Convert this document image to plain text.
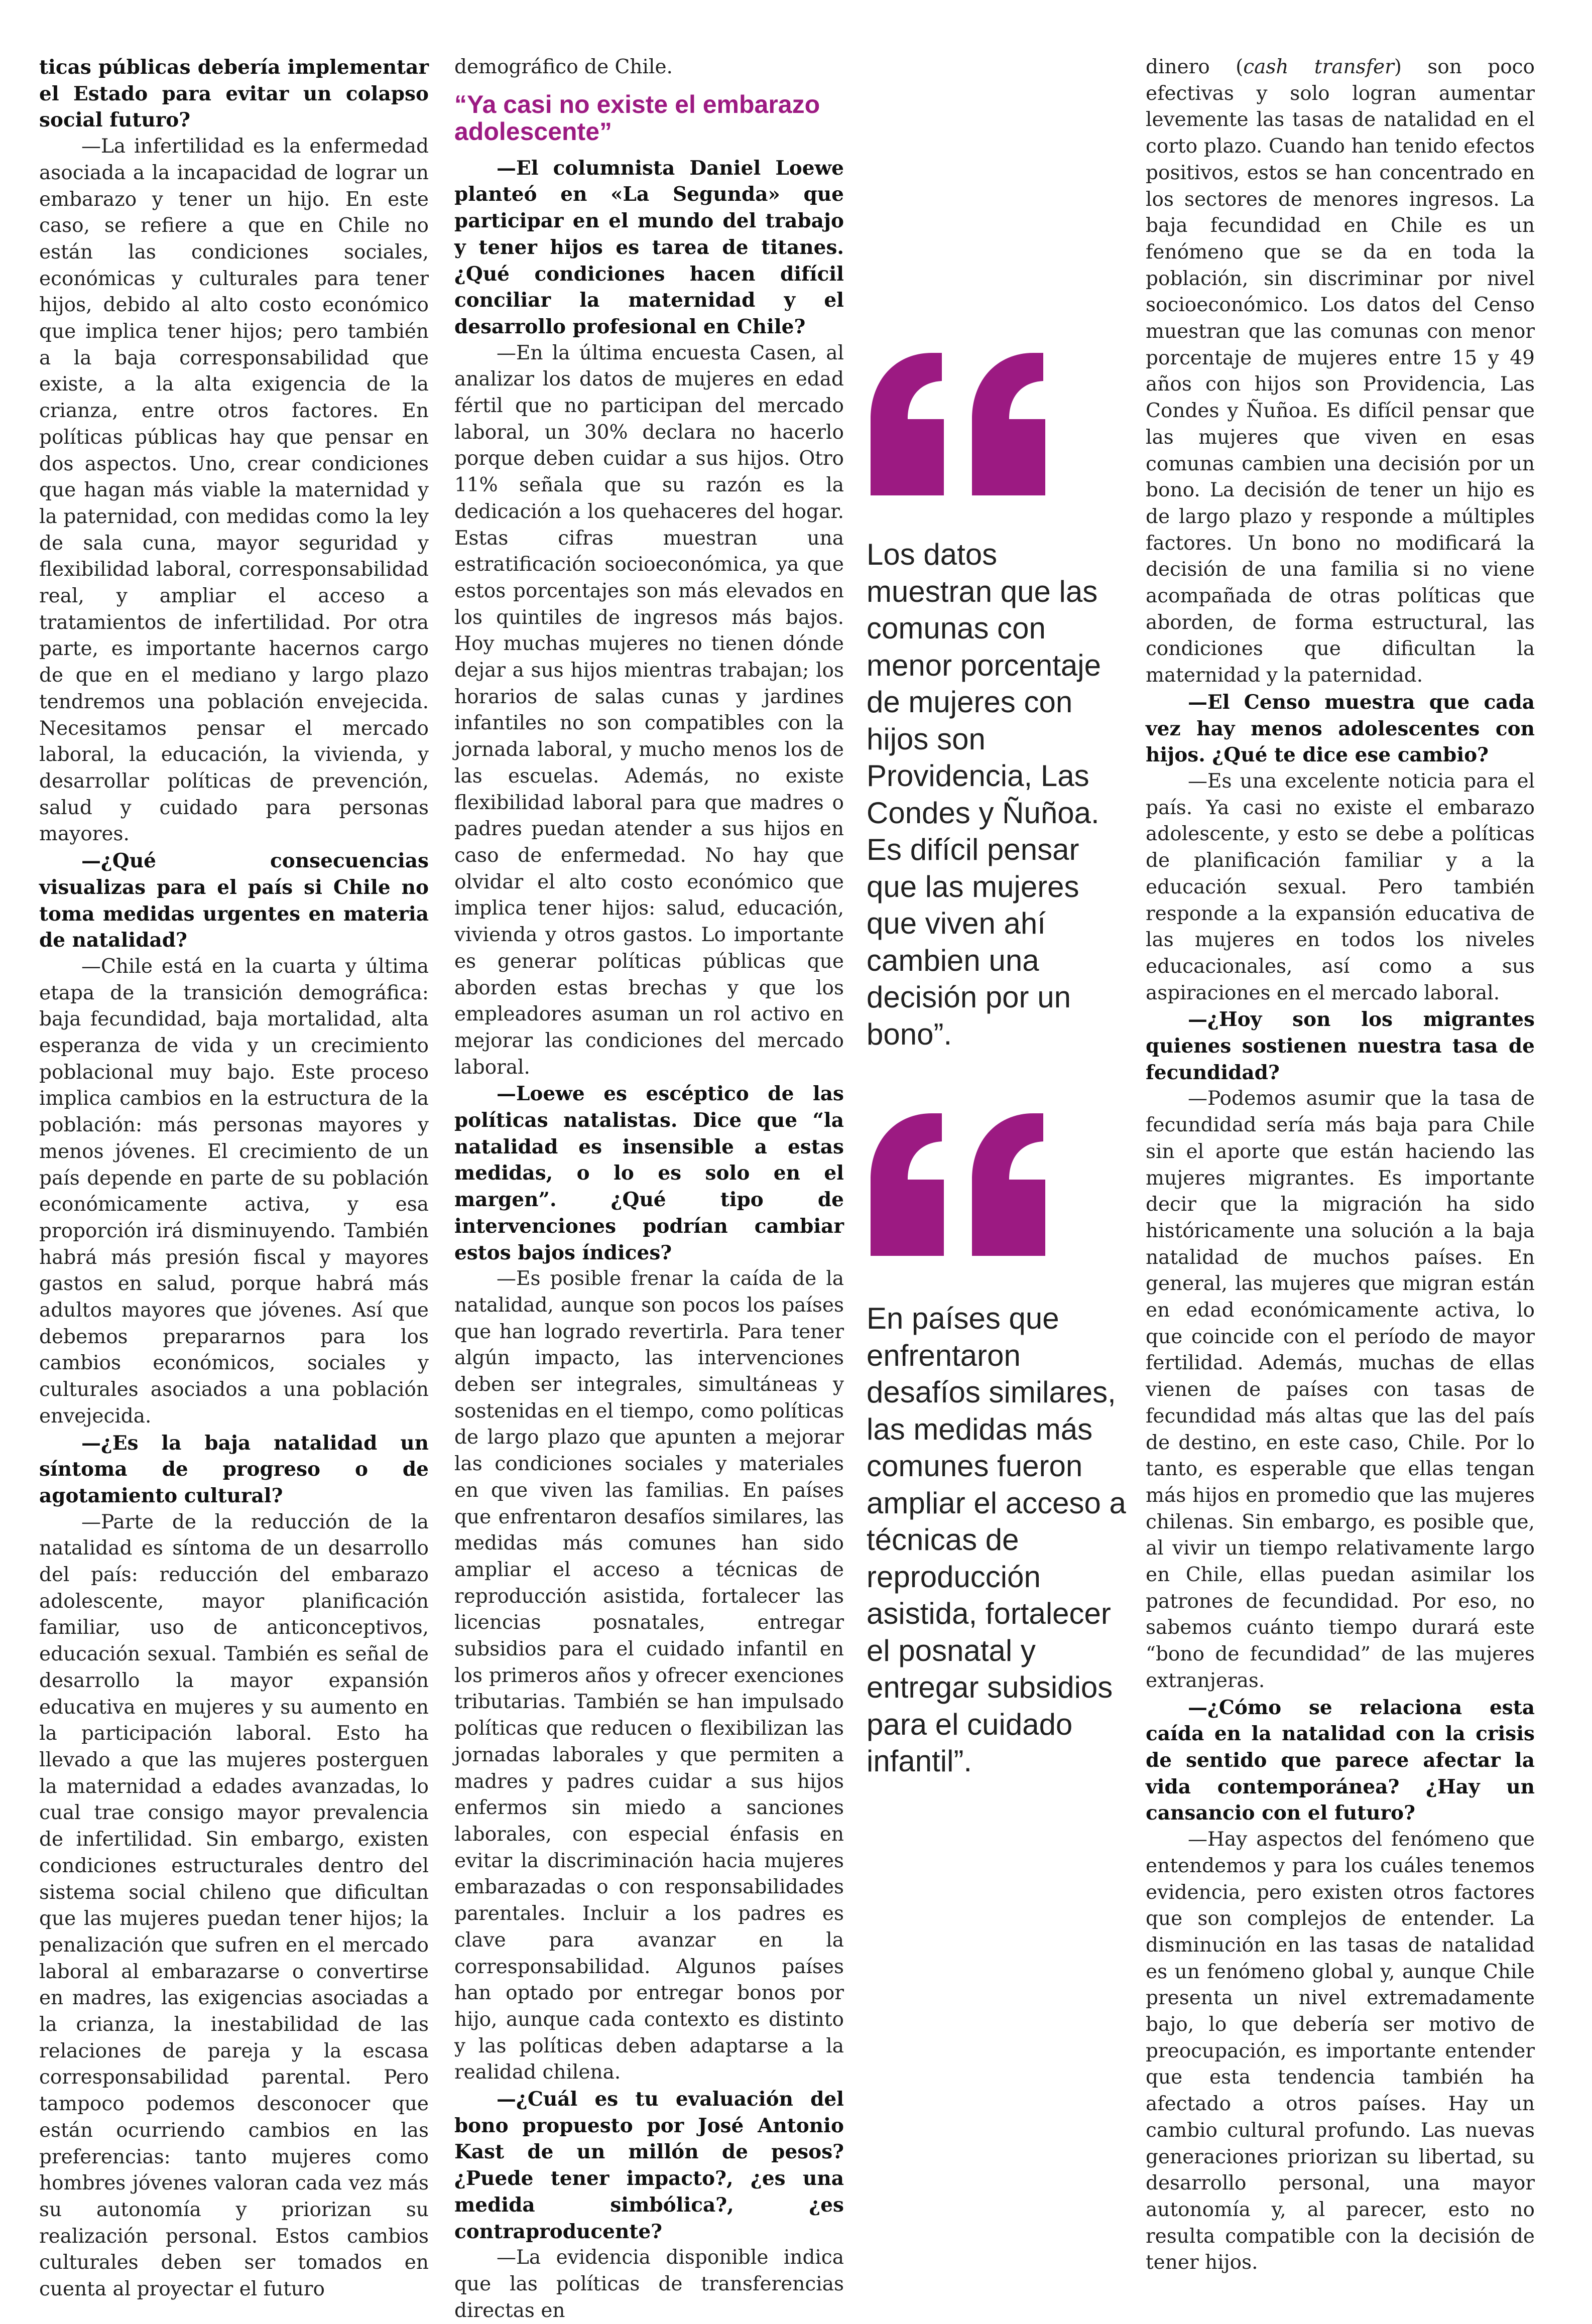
ticas públicas debería implementar el Estado para evitar un colapso social futuro?

—La infertilidad es la enfermedad asociada a la incapacidad de lograr un embarazo y tener un hijo. En este caso, se refiere a que en Chile no están las condiciones sociales, económicas y culturales para tener hijos, debido al alto costo económico que implica tener hijos; pero también a la baja corresponsabilidad que existe, a la alta exigencia de la crianza, entre otros factores. En políticas públicas hay que pensar en dos aspectos. Uno, crear condiciones que hagan más viable la maternidad y la paternidad, con medidas como la ley de sala cuna, mayor seguridad y flexibilidad laboral, corresponsabilidad real, y ampliar el acceso a tratamientos de infertilidad. Por otra parte, es importante hacernos cargo de que en el mediano y largo plazo tendremos una población envejecida. Necesitamos pensar el mercado laboral, la educación, la vivienda, y desarrollar políticas de prevención, salud y cuidado para personas mayores.

—¿Qué consecuencias visualizas para el país si Chile no toma medidas urgentes en materia de natalidad?

—Chile está en la cuarta y última etapa de la transición demográfica: baja fecundidad, baja mortalidad, alta esperanza de vida y un crecimiento poblacional muy bajo. Este proceso implica cambios en la estructura de la población: más personas mayores y menos jóvenes. El crecimiento de un país depende en parte de su población económicamente activa, y esa proporción irá disminuyendo. También habrá más presión fiscal y mayores gastos en salud, porque habrá más adultos mayores que jóvenes. Así que debemos prepararnos para los cambios económicos, sociales y culturales asociados a una población envejecida.

—¿Es la baja natalidad un síntoma de progreso o de agotamiento cultural?

—Parte de la reducción de la natalidad es síntoma de un desarrollo del país: reducción del embarazo adolescente, mayor planificación familiar, uso de anticonceptivos, educación sexual. También es señal de desarrollo la mayor expansión educativa en mujeres y su aumento en la participación laboral. Esto ha llevado a que las mujeres posterguen la maternidad a edades avanzadas, lo cual trae consigo mayor prevalencia de infertilidad. Sin embargo, existen condiciones estructurales dentro del sistema social chileno que dificultan que las mujeres puedan tener hijos; la penalización que sufren en el mercado laboral al embarazarse o convertirse en madres, las exigencias asociadas a la crianza, la inestabilidad de las relaciones de pareja y la escasa corresponsabilidad parental. Pero tampoco podemos desconocer que están ocurriendo cambios en las preferencias: tanto mujeres como hombres jóvenes valoran cada vez más su autonomía y priorizan su realización personal. Estos cambios culturales deben ser tomados en cuenta al proyectar el futuro

demográfico de Chile.

“Ya casi no existe el embarazo adolescente”

—El columnista Daniel Loewe planteó en «La Segunda» que participar en el mundo del trabajo y tener hijos es tarea de titanes. ¿Qué condiciones hacen difícil conciliar la maternidad y el desarrollo profesional en Chile?

—En la última encuesta Casen, al analizar los datos de mujeres en edad fértil que no participan del mercado laboral, un 30% declara no hacerlo porque deben cuidar a sus hijos. Otro 11% señala que su razón es la dedicación a los quehaceres del hogar. Estas cifras muestran una estratificación socioeconómica, ya que estos porcentajes son más elevados en los quintiles de ingresos más bajos. Hoy muchas mujeres no tienen dónde dejar a sus hijos mientras trabajan; los horarios de salas cunas y jardines infantiles no son compatibles con la jornada laboral, y mucho menos los de las escuelas. Además, no existe flexibilidad laboral para que madres o padres puedan atender a sus hijos en caso de enfermedad. No hay que olvidar el alto costo económico que implica tener hijos: salud, educación, vivienda y otros gastos. Lo importante es generar políticas públicas que aborden estas brechas y que los empleadores asuman un rol activo en mejorar las condiciones del mercado laboral.

—Loewe es escéptico de las políticas natalistas. Dice que “la natalidad es insensible a estas medidas, o lo es solo en el margen”. ¿Qué tipo de intervenciones podrían cambiar estos bajos índices?

—Es posible frenar la caída de la natalidad, aunque son pocos los países que han logrado revertirla. Para tener algún impacto, las intervenciones deben ser integrales, simultáneas y sostenidas en el tiempo, como políticas de largo plazo que apunten a mejorar las condiciones sociales y materiales en que viven las familias. En países que enfrentaron desafíos similares, las medidas más comunes han sido ampliar el acceso a técnicas de reproducción asistida, fortalecer las licencias posnatales, entregar subsidios para el cuidado infantil en los primeros años y ofrecer exenciones tributarias. También se han impulsado políticas que reducen o flexibilizan las jornadas laborales y que permiten a madres y padres cuidar a sus hijos enfermos sin miedo a sanciones laborales, con especial énfasis en evitar la discriminación hacia mujeres embarazadas o con responsabilidades parentales. Incluir a los padres es clave para avanzar en la corresponsabilidad. Algunos países han optado por entregar bonos por hijo, aunque cada contexto es distinto y las políticas deben adaptarse a la realidad chilena.

—¿Cuál es tu evaluación del bono propuesto por José Antonio Kast de un millón de pesos? ¿Puede tener impacto?, ¿es una medida simbólica?, ¿es contraproducente?

—La evidencia disponible indica que las políticas de transferencias directas en

Los datos muestran que las comunas con menor porcentaje de mujeres con hijos son Providencia, Las Condes y Ñuñoa. Es difícil pensar que las mujeres que viven ahí cambien una decisión por un bono”.
En países que enfrentaron desafíos similares, las medidas más comunes fueron ampliar el acceso a técnicas de reproducción asistida, fortalecer el posnatal y entregar subsidios para el cuidado infantil”.

dinero (cash transfer) son poco efectivas y solo logran aumentar levemente las tasas de natalidad en el corto plazo. Cuando han tenido efectos positivos, estos se han concentrado en los sectores de menores ingresos. La baja fecundidad en Chile es un fenómeno que se da en toda la población, sin discriminar por nivel socioeconómico. Los datos del Censo muestran que las comunas con menor porcentaje de mujeres entre 15 y 49 años con hijos son Providencia, Las Condes y Ñuñoa. Es difícil pensar que las mujeres que viven en esas comunas cambien una decisión por un bono. La decisión de tener un hijo es de largo plazo y responde a múltiples factores. Un bono no modificará la decisión de una familia si no viene acompañada de otras políticas que aborden, de forma estructural, las condiciones que dificultan la maternidad y la paternidad.

—El Censo muestra que cada vez hay menos adolescentes con hijos. ¿Qué te dice ese cambio?

—Es una excelente noticia para el país. Ya casi no existe el embarazo adolescente, y esto se debe a políticas de planificación familiar y a la educación sexual. Pero también responde a la expansión educativa de las mujeres en todos los niveles educacionales, así como a sus aspiraciones en el mercado laboral.

—¿Hoy son los migrantes quienes sostienen nuestra tasa de fecundidad?

—Podemos asumir que la tasa de fecundidad sería más baja para Chile sin el aporte que están haciendo las mujeres migrantes. Es importante decir que la migración ha sido históricamente una solución a la baja natalidad de muchos países. En general, las mujeres que migran están en edad económicamente activa, lo que coincide con el período de mayor fertilidad. Además, muchas de ellas vienen de países con tasas de fecundidad más altas que las del país de destino, en este caso, Chile. Por lo tanto, es esperable que ellas tengan más hijos en promedio que las mujeres chilenas. Sin embargo, es posible que, al vivir un tiempo relativamente largo en Chile, ellas puedan asimilar los patrones de fecundidad. Por eso, no sabemos cuánto tiempo durará este “bono de fecundidad” de las mujeres extranjeras.

—¿Cómo se relaciona esta caída en la natalidad con la crisis de sentido que parece afectar la vida contemporánea? ¿Hay un cansancio con el futuro?

—Hay aspectos del fenómeno que entendemos y para los cuáles tenemos evidencia, pero existen otros factores que son complejos de entender. La disminución en las tasas de natalidad es un fenómeno global y, aunque Chile presenta un nivel extremadamente bajo, lo que debería ser motivo de preocupación, es importante entender que esta tendencia también ha afectado a otros países. Hay un cambio cultural profundo. Las nuevas generaciones priorizan su libertad, su desarrollo personal, una mayor autonomía y, al parecer, esto no resulta compatible con la decisión de tener hijos.
